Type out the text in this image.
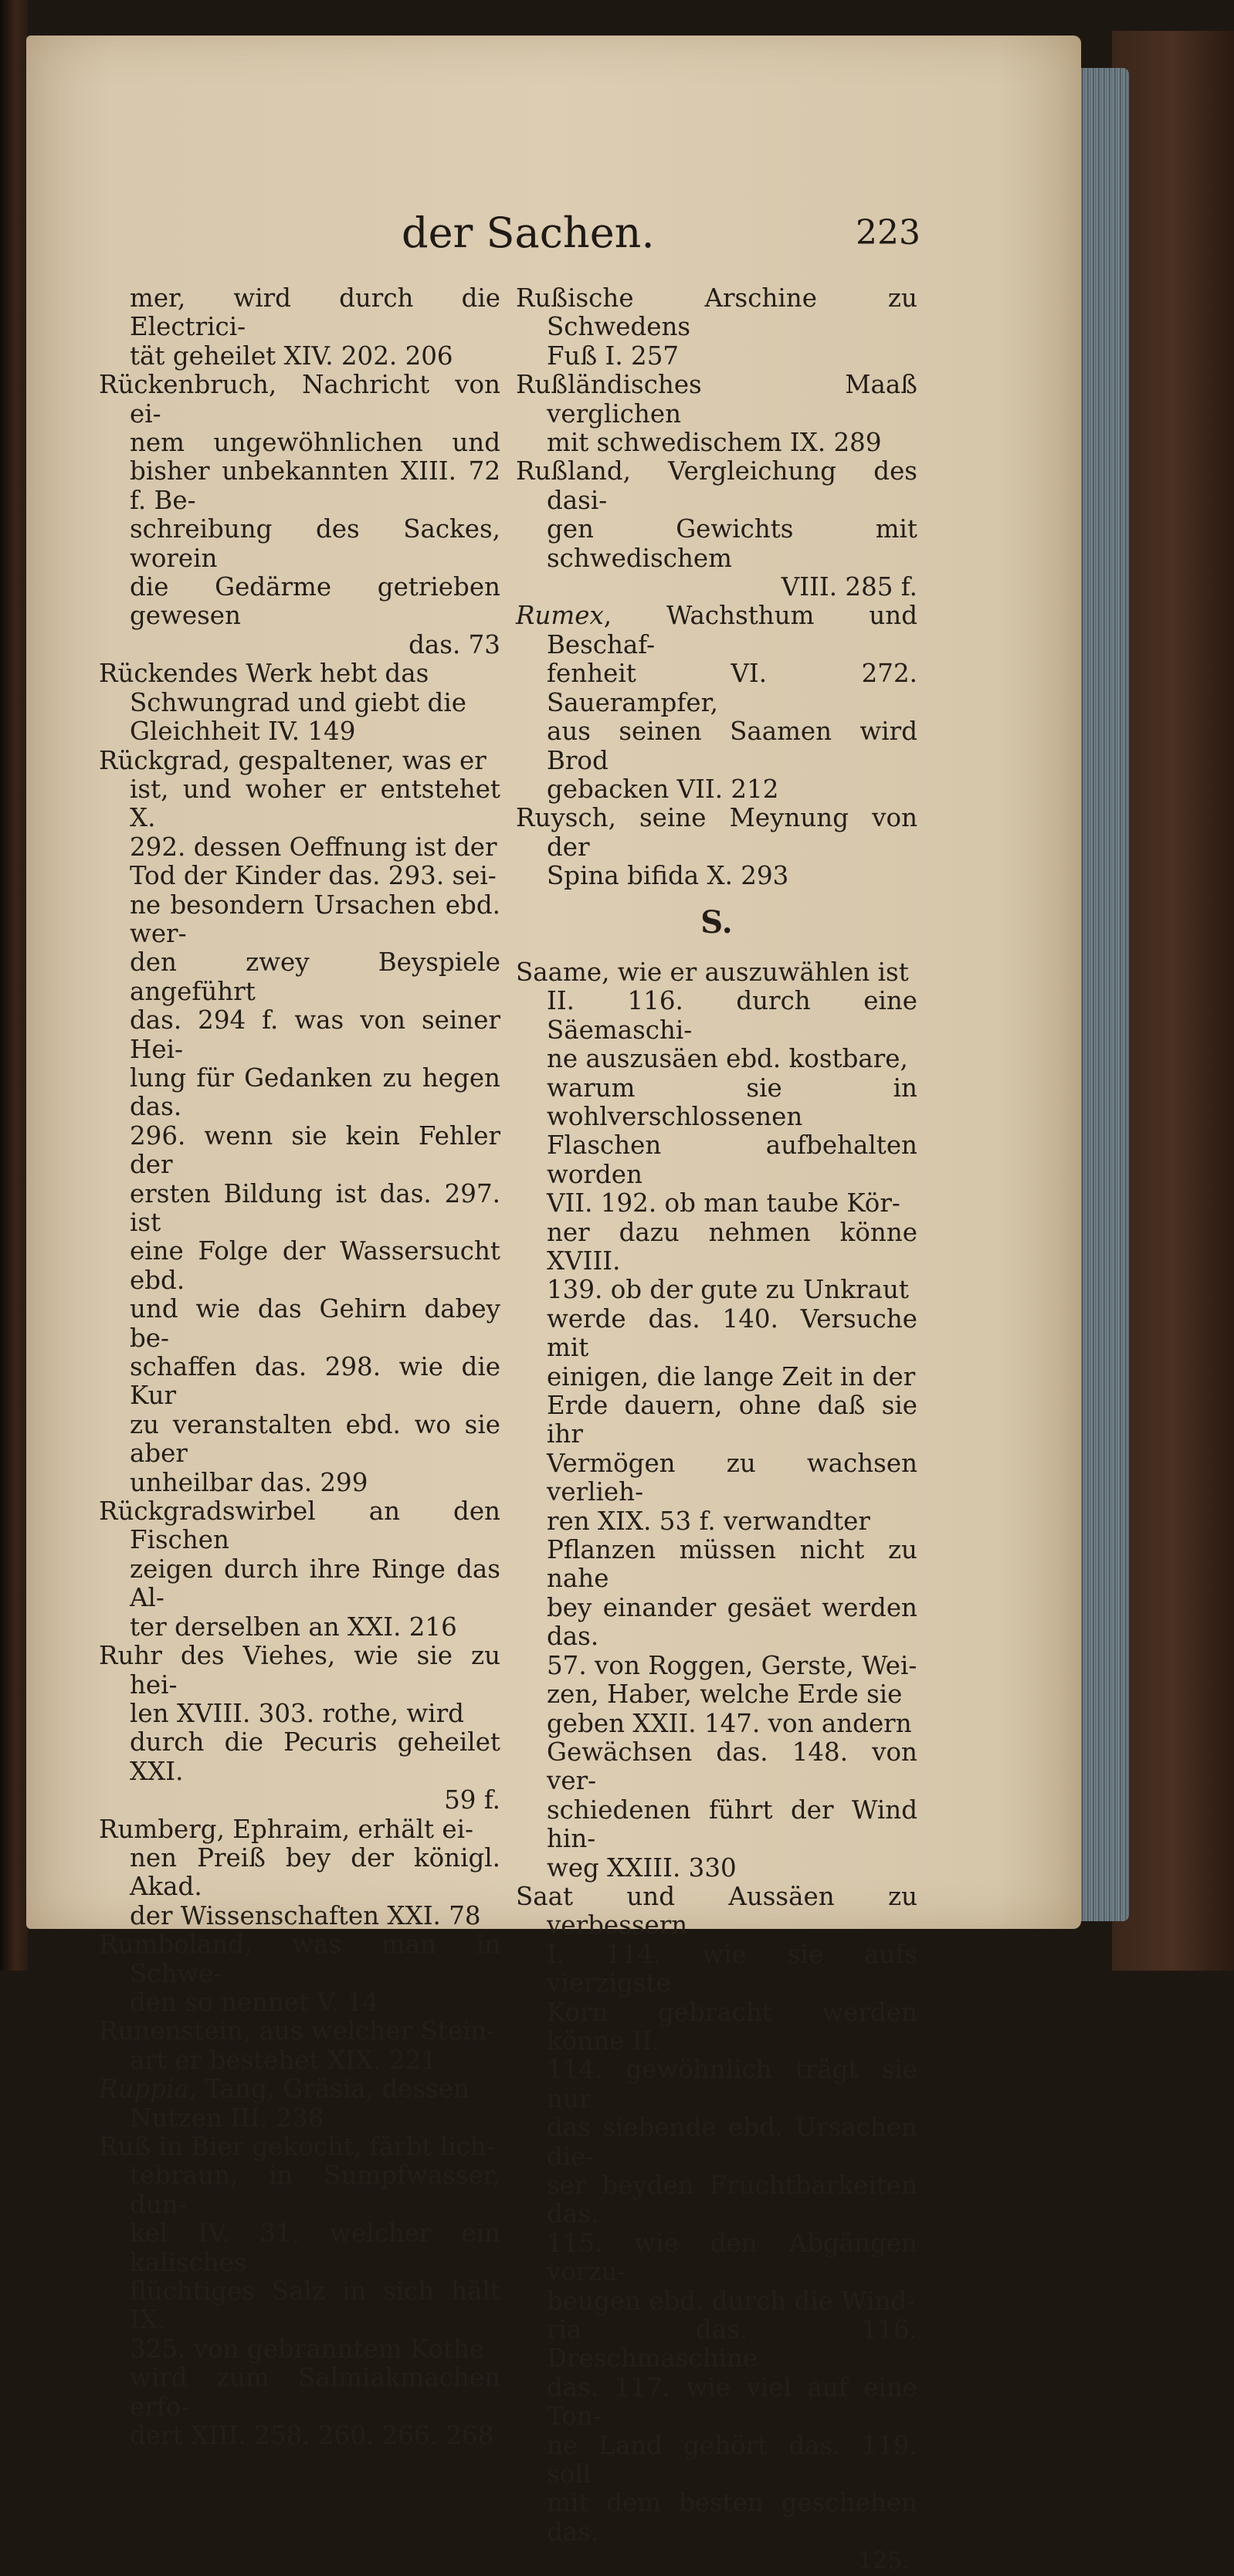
der Sachen.	223
mer, wird durch die Electrici-
tät geheilet XIV. 202. 206
Rückenbruch, Nachricht von ei-
nem ungewöhnlichen und bisher unbekannten XIII. 72 f. Be-
schreibung des Sackes, worein
die Gedärme getrieben gewesen
das. 73
Rückendes Werk hebt das
Schwungrad und giebt die
Gleichheit IV. 149
Rückgrad, gespaltener, was er
ist, und woher er entstehet X.
292. dessen Oeffnung ist der
Tod der Kinder das. 293. sei-
ne besondern Ursachen ebd. wer-
den zwey Beyspiele angeführt
das. 294 f. was von seiner Hei-
lung für Gedanken zu hegen das.
296. wenn sie kein Fehler der
ersten Bildung ist das. 297. ist
eine Folge der Wassersucht ebd.
und wie das Gehirn dabey be-
schaffen das. 298. wie die Kur
zu veranstalten ebd. wo sie aber
unheilbar das. 299
Rückgradswirbel an den Fischen
zeigen durch ihre Ringe das Al-
ter derselben an XXI. 216
Ruhr des Viehes, wie sie zu hei-
len XVIII. 303. rothe, wird
durch die Pecuris geheilet XXI.
59 f.
Rumberg, Ephraim, erhält ei-
nen Preiß bey der königl. Akad.
der Wissenschaften XXI. 78
Rumboland, was man in Schwe-
den so nennet V. 14
Runenstein, aus welcher Stein-
art er bestehet XIX. 221
Ruppia, Tang, Gräsia, dessen
Nutzen III. 238
Ruß in Bier gekocht, färbt lich-
tebraun, in Sumpfwasser, dun-
kel IV. 31. welcher ein kalisches
flüchtiges Salz in sich hält IX.
325. von gebranntem Kothe
wird zum Salmiakmachen erfo-
dert XIII. 258. 260. 266. 268
Rußische Arschine zu Schwedens
Fuß I. 257
Rußländisches Maaß verglichen
mit schwedischem IX. 289
Rußland, Vergleichung des dasi-
gen Gewichts mit schwedischem
VIII. 285 f.
Rumex, Wachsthum und Beschaf-
fenheit VI. 272. Sauerampfer,
aus seinen Saamen wird Brod
gebacken VII. 212
Ruysch, seine Meynung von der
Spina bifida X. 293
S.
Saame, wie er auszuwählen ist
II. 116. durch eine Säemaschi-
ne auszusäen ebd. kostbare,
warum sie in wohlverschlossenen
Flaschen aufbehalten worden
VII. 192. ob man taube Kör-
ner dazu nehmen könne XVIII.
139. ob der gute zu Unkraut
werde das. 140. Versuche mit
einigen, die lange Zeit in der
Erde dauern, ohne daß sie ihr
Vermögen zu wachsen verlieh-
ren XIX. 53 f. verwandter
Pflanzen müssen nicht zu nahe
bey einander gesäet werden das.
57. von Roggen, Gerste, Wei-
zen, Haber, welche Erde sie
geben XXII. 147. von andern
Gewächsen das. 148. von ver-
schiedenen führt der Wind hin-
weg XXIII. 330
Saat und Aussäen zu verbessern
I. 114. wie sie aufs vierzigste
Korn gebracht werden könne II.
114. gewöhnlich trägt sie nur
das siebende ebd. Ursachen die-
ser beyden Fruchtbarkeiten das.
115. wie den Abgängen vorzu-
beugen ebd. durch die Wind-
ria das. 116. Dreschmaschine
das. 117. wie viel auf eine Ton-
ne Land gehört das. 119. soll
mit dem besten geschehen das.
125.
